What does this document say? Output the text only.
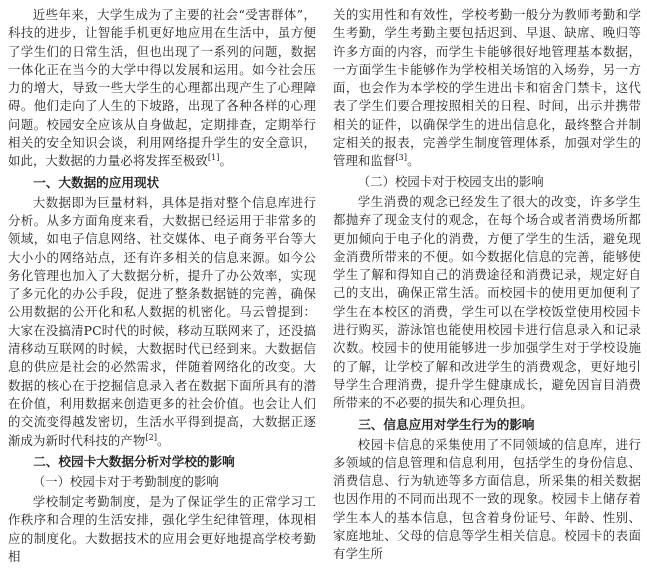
近些年来，大学生成为了主要的社会“受害群体”，科技的进步，让智能手机更好地应用在生活中，虽方便了学生们的日常生活，但也出现了一系列的问题，数据一体化正在当今的大学中得以发展和运用。如今社会压力的增大，导致一些大学生的心理都出现产生了心理障碍。他们走向了人生的下坡路，出现了各种各样的心理问题。校园安全应该从自身做起，定期排查，定期举行相关的安全知识会谈，利用网络提升学生的安全意识，如此，大数据的力量必将发挥至极致[1]。

一、大数据的应用现状

大数据即为巨量材料，具体是指对整个信息库进行分析。从多方面角度来看，大数据已经运用于非常多的领域，如电子信息网络、社交媒体、电子商务平台等大大小小的网络站点，还有许多相关的信息来源。如今公务化管理也加入了大数据分析，提升了办公效率，实现了多元化的办公手段，促进了整条数据链的完善，确保公用数据的公开化和私人数据的机密化。马云曾提到：大家在没搞清PC时代的时候，移动互联网来了，还没搞清移动互联网的时候，大数据时代已经到来。大数据信息的供应是社会的必然需求，伴随着网络化的改变。大数据的核心在于挖掘信息录入者在数据下面所具有的潜在价值，利用数据来创造更多的社会价值。也会让人们的交流变得越发密切，生活水平得到提高，大数据正逐渐成为新时代科技的产物[2]。

二、校园卡大数据分析对学校的影响
（一）校园卡对于考勤制度的影响

学校制定考勤制度，是为了保证学生的正常学习工作秩序和合理的生活安排，强化学生纪律管理，体现相应的制度化。大数据技术的应用会更好地提高学校考勤相

关的实用性和有效性，学校考勤一般分为教师考勤和学生考勤，学生考勤主要包括迟到、早退、缺席、晚归等许多方面的内容，而学生卡能够很好地管理基本数据，一方面学生卡能够作为学校相关场馆的入场券，另一方面，也会作为本学校的学生进出卡和宿舍门禁卡，这代表了学生们要合理按照相关的日程、时间，出示并携带相关的证件，以确保学生的进出信息化，最终整合并制定相关的报表，完善学生制度管理体系，加强对学生的管理和监督[3]。

（二）校园卡对于校园支出的影响

学生消费的观念已经发生了很大的改变，许多学生都抛弃了现金支付的观念，在每个场合或者消费场所都更加倾向于电子化的消费，方便了学生的生活，避免现金消费所带来的不便。如今数据化信息的完善，能够使学生了解和得知自己的消费途径和消费记录，规定好自己的支出，确保正常生活。而校园卡的使用更加便利了学生在本校区的消费，学生可以在学校饭堂使用校园卡进行购买，游泳馆也能使用校园卡进行信息录入和记录次数。校园卡的使用能够进一步加强学生对于学校设施的了解，让学校了解和改进学生的消费观念，更好地引导学生合理消费，提升学生健康成长，避免因盲目消费所带来的不必要的损失和心理负担。

三、信息应用对学生行为的影响

校园卡信息的采集使用了不同领域的信息库，进行多领域的信息管理和信息利用，包括学生的身份信息、消费信息、行为轨迹等多方面信息，所采集的相关数据也因作用的不同而出现不一致的现象。校园卡上储存着学生本人的基本信息，包含着身份证号、年龄、性别、家庭地址、父母的信息等学生相关信息。校园卡的表面有学生所
